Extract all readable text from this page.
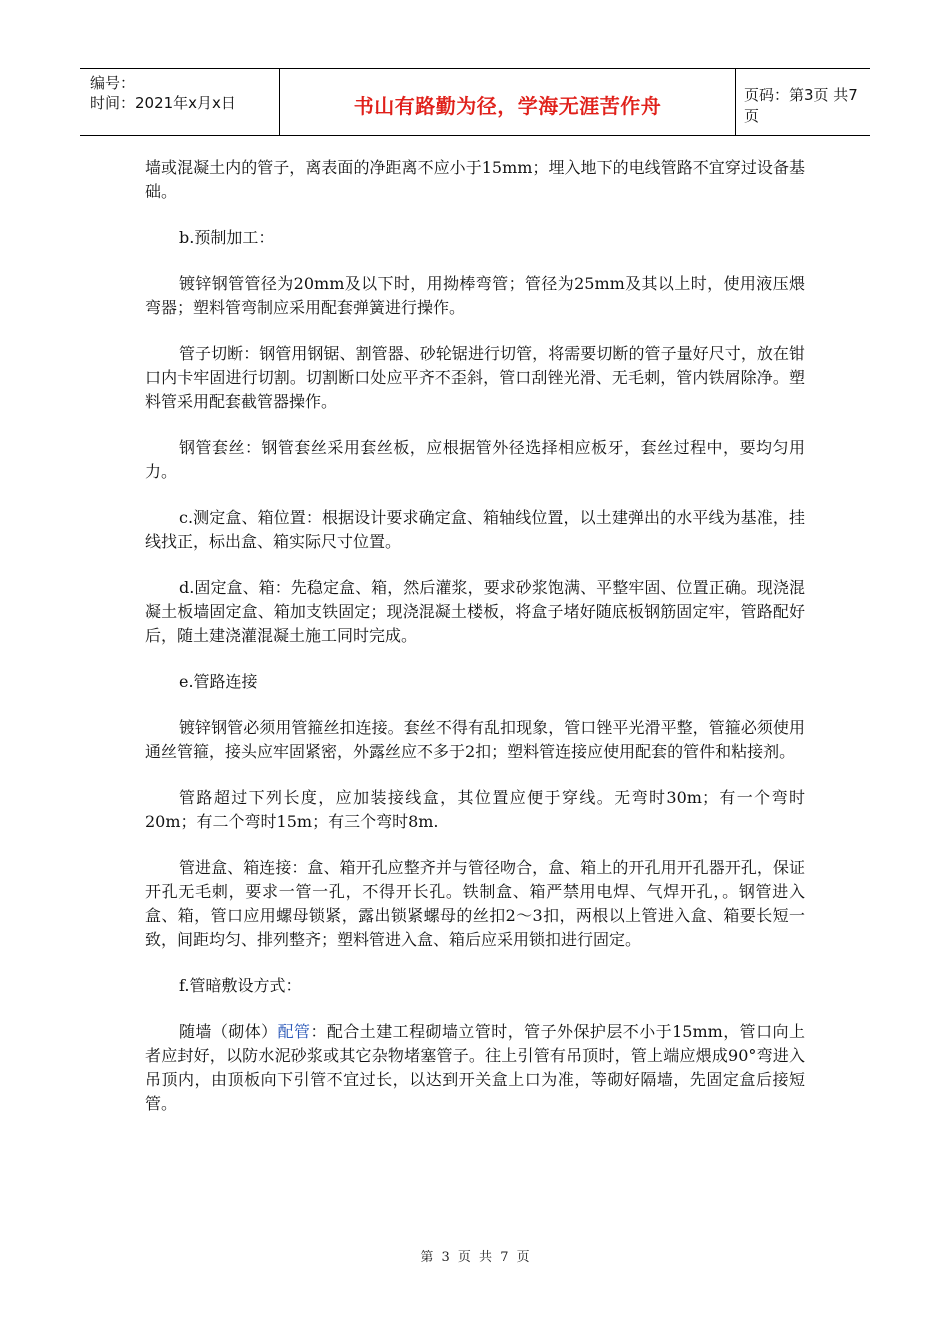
编号：
时间：2021年x月x日	书山有路勤为径，学海无涯苦作舟	页码：第3页 共7页

墙或混凝土内的管子，离表面的净距离不应小于15mm；埋入地下的电线管路不宜穿过设备基础。

b.预制加工：

镀锌钢管管径为20mm及以下时，用拗棒弯管；管径为25mm及其以上时，使用液压煨弯器；塑料管弯制应采用配套弹簧进行操作。

管子切断：钢管用钢锯、割管器、砂轮锯进行切管，将需要切断的管子量好尺寸，放在钳口内卡牢固进行切割。切割断口处应平齐不歪斜，管口刮锉光滑、无毛刺，管内铁屑除净。塑料管采用配套截管器操作。

钢管套丝：钢管套丝采用套丝板，应根据管外径选择相应板牙，套丝过程中，要均匀用力。

c.测定盒、箱位置：根据设计要求确定盒、箱轴线位置，以土建弹出的水平线为基准，挂线找正，标出盒、箱实际尺寸位置。

d.固定盒、箱：先稳定盒、箱，然后灌浆，要求砂浆饱满、平整牢固、位置正确。现浇混凝土板墙固定盒、箱加支铁固定；现浇混凝土楼板，将盒子堵好随底板钢筋固定牢，管路配好后，随土建浇灌混凝土施工同时完成。

e.管路连接

镀锌钢管必须用管箍丝扣连接。套丝不得有乱扣现象，管口锉平光滑平整，管箍必须使用通丝管箍，接头应牢固紧密，外露丝应不多于2扣；塑料管连接应使用配套的管件和粘接剂。

管路超过下列长度，应加装接线盒，其位置应便于穿线。无弯时30m；有一个弯时20m；有二个弯时15m；有三个弯时8m.

管进盒、箱连接：盒、箱开孔应整齐并与管径吻合，盒、箱上的开孔用开孔器开孔，保证开孔无毛刺，要求一管一孔，不得开长孔。铁制盒、箱严禁用电焊、气焊开孔，。钢管进入盒、箱，管口应用螺母锁紧，露出锁紧螺母的丝扣2～3扣，两根以上管进入盒、箱要长短一致，间距均匀、排列整齐；塑料管进入盒、箱后应采用锁扣进行固定。

f.管暗敷设方式：

随墙（砌体）配管：配合土建工程砌墙立管时，管子外保护层不小于15mm，管口向上者应封好，以防水泥砂浆或其它杂物堵塞管子。往上引管有吊顶时，管上端应煨成90°弯进入吊顶内，由顶板向下引管不宜过长，以达到开关盒上口为准，等砌好隔墙，先固定盒后接短管。

第 3 页 共 7 页
